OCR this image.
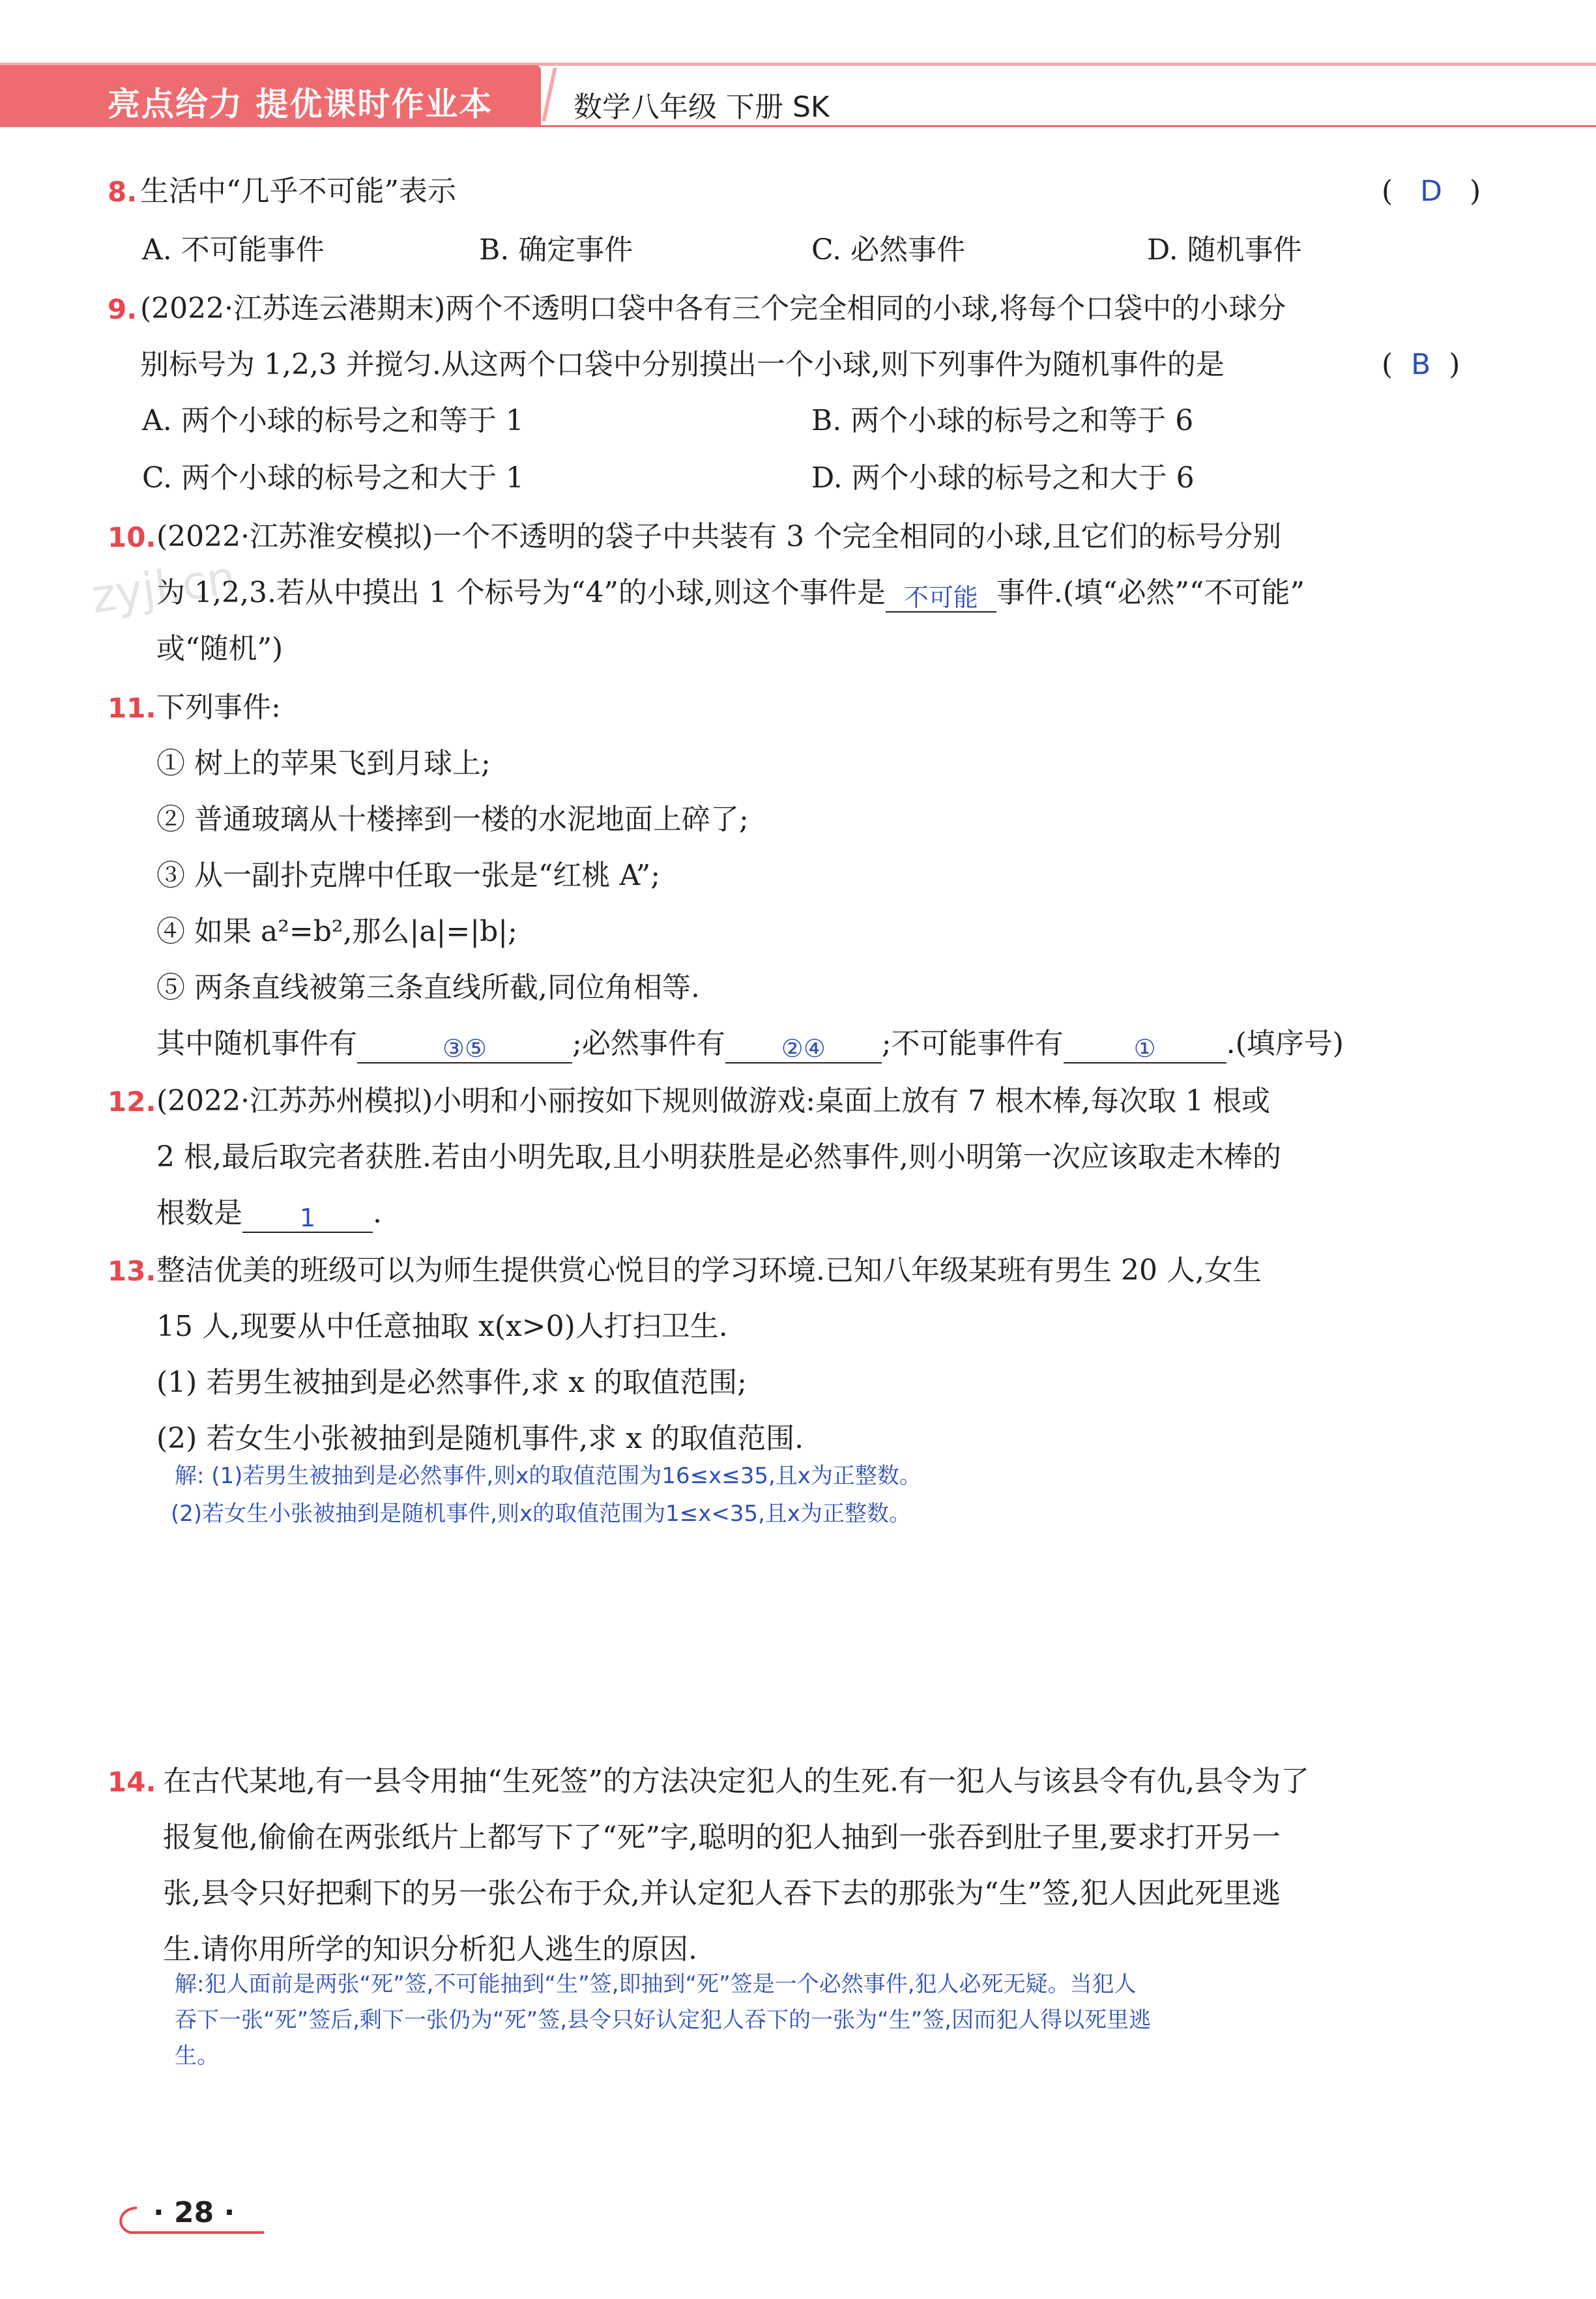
亮点给力 提优课时作业本	数学八年级 下册 SK
zyjl.cn
8. 生活中“几乎不可能”表示	(   D   )
A. 不可能事件	B. 确定事件	C. 必然事件	D. 随机事件
9. (2022·江苏连云港期末)两个不透明口袋中各有三个完全相同的小球,将每个口袋中的小球分
别标号为 1,2,3 并搅匀.从这两个口袋中分别摸出一个小球,则下列事件为随机事件的是	(  B  )
A. 两个小球的标号之和等于 1	B. 两个小球的标号之和等于 6
C. 两个小球的标号之和大于 1	D. 两个小球的标号之和大于 6
10. (2022·江苏淮安模拟)一个不透明的袋子中共装有 3 个完全相同的小球,且它们的标号分别
为 1,2,3.若从中摸出 1 个标号为“4”的小球,则这个事件是 不可能 事件.(填“必然”“不可能”
或“随机”)
11. 下列事件:
① 树上的苹果飞到月球上;
② 普通玻璃从十楼摔到一楼的水泥地面上碎了;
③ 从一副扑克牌中任取一张是“红桃 A”;
④ 如果 a²=b²,那么|a|=|b|;
⑤ 两条直线被第三条直线所截,同位角相等.
其中随机事件有	③⑤	;必然事件有 ②④ ;不可能事件有	① .(填序号)
12. (2022·江苏苏州模拟)小明和小丽按如下规则做游戏:桌面上放有 7 根木棒,每次取 1 根或
2 根,最后取完者获胜.若由小明先取,且小明获胜是必然事件,则小明第一次应该取走木棒的
根数是 1 .
13. 整洁优美的班级可以为师生提供赏心悦目的学习环境.已知八年级某班有男生 20 人,女生
15 人,现要从中任意抽取 x(x>0)人打扫卫生.
(1) 若男生被抽到是必然事件,求 x 的取值范围;
(2) 若女生小张被抽到是随机事件,求 x 的取值范围.
解: (1)若男生被抽到是必然事件,则x的取值范围为16≤x≤35,且x为正整数。
(2)若女生小张被抽到是随机事件,则x的取值范围为1≤x<35,且x为正整数。
14. 在古代某地,有一县令用抽“生死签”的方法决定犯人的生死.有一犯人与该县令有仇,县令为了
报复他,偷偷在两张纸片上都写下了“死”字,聪明的犯人抽到一张吞到肚子里,要求打开另一
张,县令只好把剩下的另一张公布于众,并认定犯人吞下去的那张为“生”签,犯人因此死里逃
生.请你用所学的知识分析犯人逃生的原因.
解:犯人面前是两张“死”签,不可能抽到“生”签,即抽到“死”签是一个必然事件,犯人必死无疑。当犯人
吞下一张“死”签后,剩下一张仍为“死”签,县令只好认定犯人吞下的一张为“生”签,因而犯人得以死里逃
生。
· 28 ·
